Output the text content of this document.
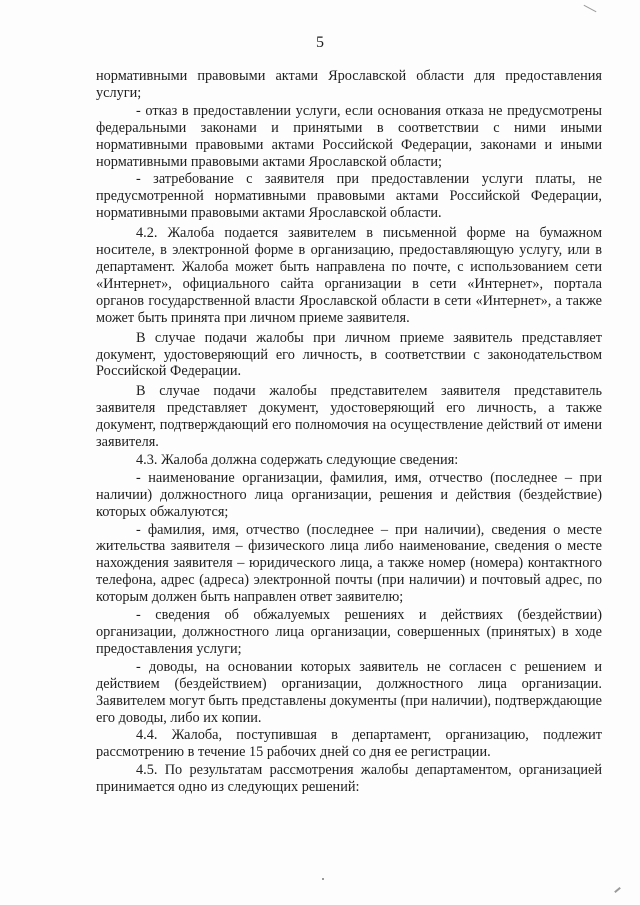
5

нормативными правовыми актами Ярославской области для предоставления услуги;

- отказ в предоставлении услуги, если основания отказа не предусмотрены федеральными законами и принятыми в соответствии с ними иными нормативными правовыми актами Российской Федерации, законами и иными нормативными правовыми актами Ярославской области;

- затребование с заявителя при предоставлении услуги платы, не предусмотренной нормативными правовыми актами Российской Федерации, нормативными правовыми актами Ярославской области.

4.2. Жалоба подается заявителем в письменной форме на бумажном носителе, в электронной форме в организацию, предоставляющую услугу, или в департамент. Жалоба может быть направлена по почте, с использованием сети «Интернет», официального сайта организации в сети «Интернет», портала органов государственной власти Ярославской области в сети «Интернет», а также может быть принята при личном приеме заявителя.

В случае подачи жалобы при личном приеме заявитель представляет документ, удостоверяющий его личность, в соответствии с законодательством Российской Федерации.

В случае подачи жалобы представителем заявителя представитель заявителя представляет документ, удостоверяющий его личность, а также документ, подтверждающий его полномочия на осуществление действий от имени заявителя.

4.3. Жалоба должна содержать следующие сведения:

- наименование организации, фамилия, имя, отчество (последнее – при наличии) должностного лица организации, решения и действия (бездействие) которых обжалуются;

- фамилия, имя, отчество (последнее – при наличии), сведения о месте жительства заявителя – физического лица либо наименование, сведения о месте нахождения заявителя – юридического лица, а также номер (номера) контактного телефона, адрес (адреса) электронной почты (при наличии) и почтовый адрес, по которым должен быть направлен ответ заявителю;

- сведения об обжалуемых решениях и действиях (бездействии) организации, должностного лица организации, совершенных (принятых) в ходе предоставления услуги;

- доводы, на основании которых заявитель не согласен с решением и действием (бездействием) организации, должностного лица организации. Заявителем могут быть представлены документы (при наличии), подтверждающие его доводы, либо их копии.

4.4. Жалоба, поступившая в департамент, организацию, подлежит рассмотрению в течение 15 рабочих дней со дня ее регистрации.

4.5. По результатам рассмотрения жалобы департаментом, организацией принимается одно из следующих решений:
